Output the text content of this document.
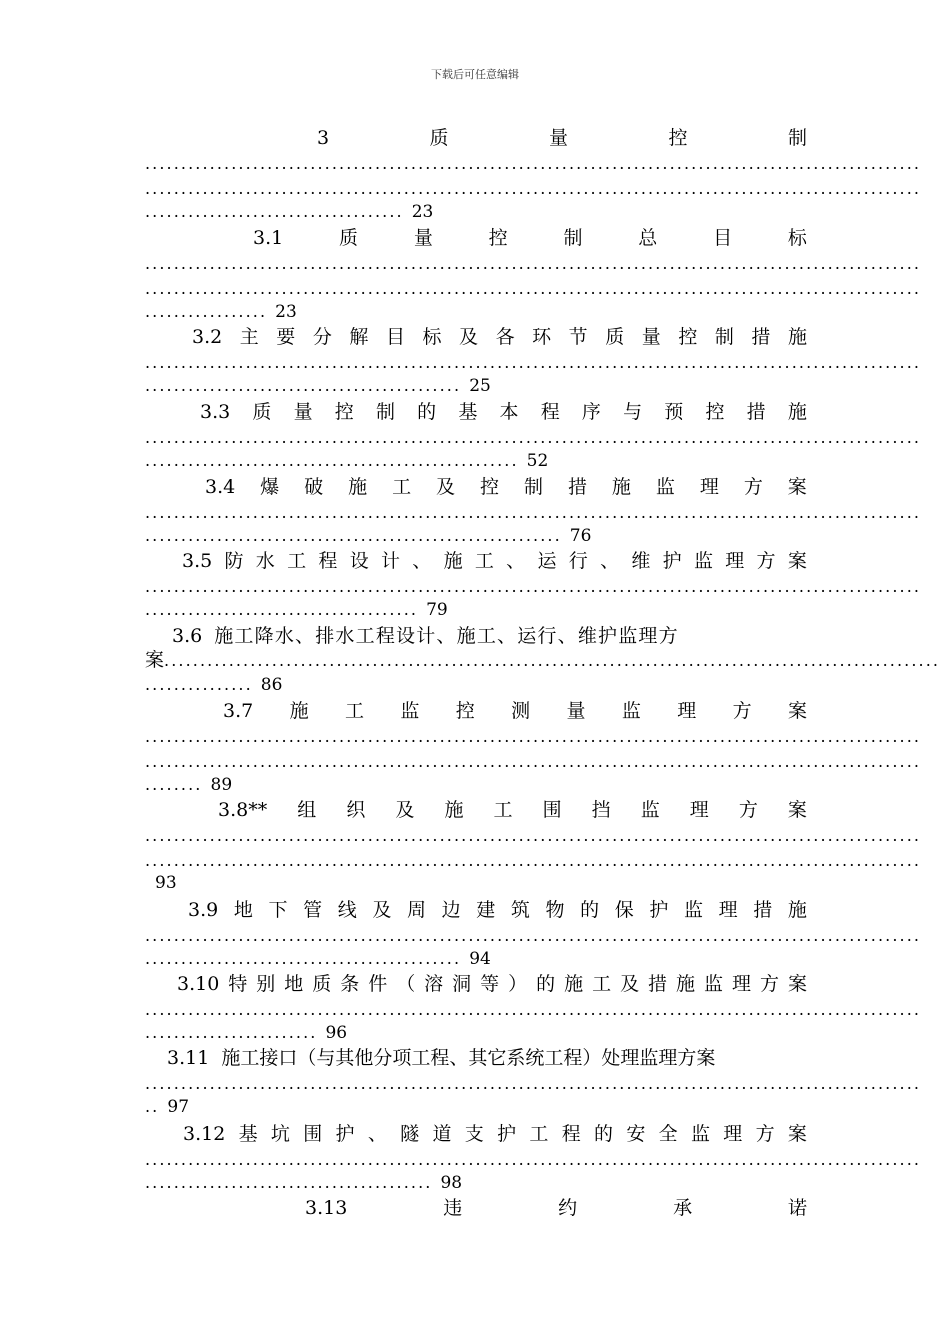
下载后可任意编辑
3	质	量	控	制
............................................................................................................
............................................................................................................
.................................... 23
3.1	质	量	控	制	总	目	标
............................................................................................................
............................................................................................................
................. 23
3.2 主 要 分 解 目 标 及 各 环 节 质 量 控 制 措 施
............................................................................................................
............................................ 25
3.3 质 量 控 制 的 基 本 程 序 与 预 控 措 施
............................................................................................................
.................................................... 52
3.4 爆 破 施 工 及 控 制 措 施 监 理 方 案
............................................................................................................
.......................................................... 76
3.5 防 水 工 程 设 计 、 施 工 、 运 行 、 维 护 监 理 方 案
............................................................................................................
...................................... 79
3.6 施工降水、排水工程设计、施工、运行、维护监理方
案............................................................................................................
............... 86
3.7 施 工 监 控 测 量 监 理 方 案
............................................................................................................
............................................................................................................
........ 89
3.8** 组 织 及 施 工 围 挡 监 理 方 案
............................................................................................................
............................................................................................................
93
3.9 地 下 管 线 及 周 边 建 筑 物 的 保 护 监 理 措 施
............................................................................................................
............................................ 94
3.10 特 别 地 质 条 件 （ 溶 洞 等 ） 的 施 工 及 措 施 监 理 方 案
............................................................................................................
........................ 96
3.11 施工接口（与其他分项工程、其它系统工程）处理监理方案
............................................................................................................
.. 97
3.12 基 坑 围 护 、 隧 道 支 护 工 程 的 安 全 监 理 方 案
............................................................................................................
........................................ 98
3.13	违	约	承	诺
